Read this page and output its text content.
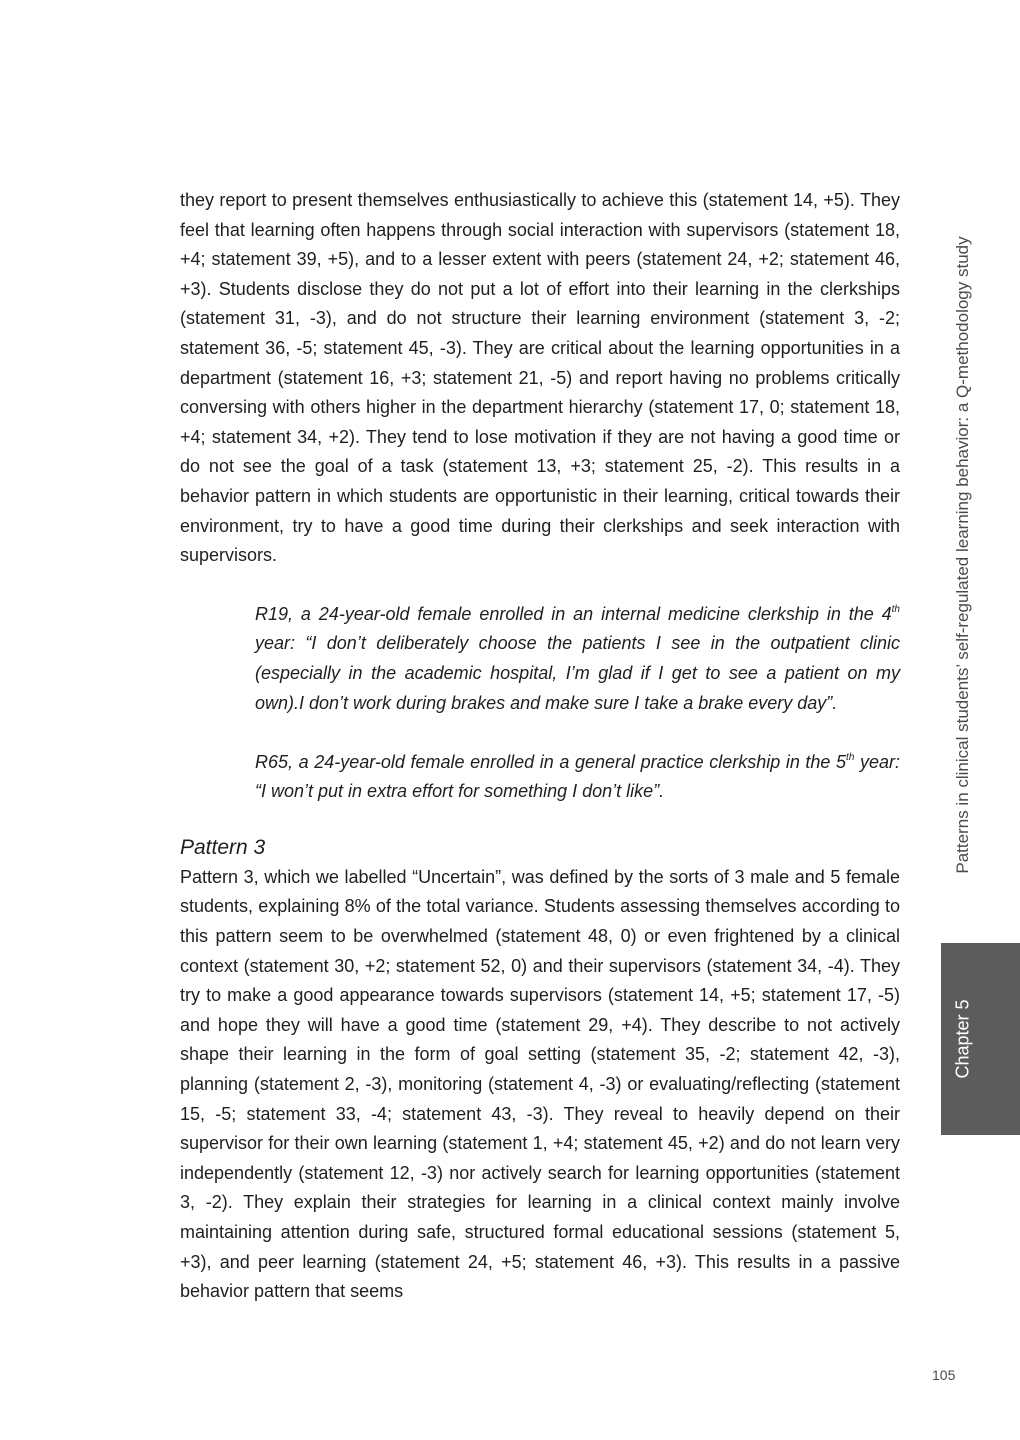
they report to present themselves enthusiastically to achieve this (statement 14, +5). They feel that learning often happens through social interaction with supervisors (statement 18, +4; statement 39, +5), and to a lesser extent with peers (statement 24, +2; statement 46, +3). Students disclose they do not put a lot of effort into their learning in the clerkships (statement 31, -3), and do not structure their learning environment (statement 3, -2; statement 36, -5; statement 45, -3). They are critical about the learning opportunities in a department (statement 16, +3; statement 21, -5) and report having no problems critically conversing with others higher in the department hierarchy (statement 17, 0; statement 18, +4; statement 34, +2). They tend to lose motivation if they are not having a good time or do not see the goal of a task (statement 13, +3; statement 25, -2). This results in a behavior pattern in which students are opportunistic in their learning, critical towards their environment, try to have a good time during their clerkships and seek interaction with supervisors.

R19, a 24-year-old female enrolled in an internal medicine clerkship in the 4th year: “I don’t deliberately choose the patients I see in the outpatient clinic (especially in the academic hospital, I’m glad if I get to see a patient on my own).I don’t work during brakes and make sure I take a brake every day”.

R65, a 24-year-old female enrolled in a general practice clerkship in the 5th year: “I won’t put in extra effort for something I don’t like”.

Pattern 3

Pattern 3, which we labelled “Uncertain”, was defined by the sorts of 3 male and 5 female students, explaining 8% of the total variance. Students assessing themselves according to this pattern seem to be overwhelmed (statement 48, 0) or even frightened by a clinical context (statement 30, +2; statement 52, 0) and their supervisors (statement 34, -4). They try to make a good appearance towards supervisors (statement 14, +5; statement 17, -5) and hope they will have a good time (statement 29, +4). They describe to not actively shape their learning in the form of goal setting (statement 35, -2; statement 42, -3), planning (statement 2, -3), monitoring (statement 4, -3) or evaluating/reflecting (statement 15, -5; statement 33, -4; statement 43, -3). They reveal to heavily depend on their supervisor for their own learning (statement 1, +4; statement 45, +2) and do not learn very independently (statement 12, -3) nor actively search for learning opportunities (statement 3, -2). They explain their strategies for learning in a clinical context mainly involve maintaining attention during safe, structured formal educational sessions (statement 5, +3), and peer learning (statement 24, +5; statement 46, +3). This results in a passive behavior pattern that seems

Patterns in clinical students’ self-regulated learning behavior: a Q-methodology study
Chapter 5
105
